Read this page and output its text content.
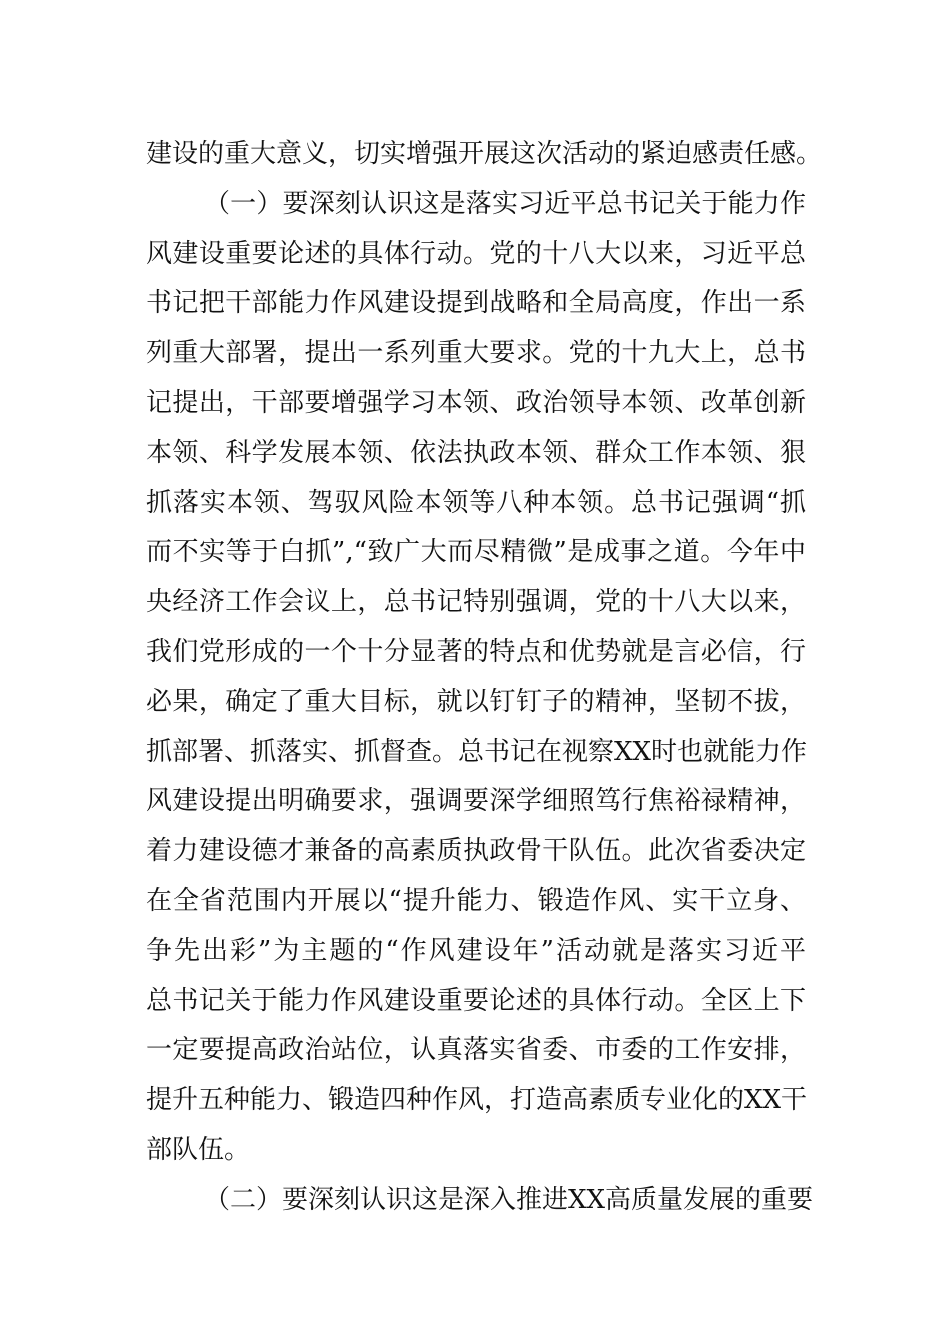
建设的重大意义，切实增强开展这次活动的紧迫感责任感。
（一）要深刻认识这是落实习近平总书记关于能力作
风建设重要论述的具体行动。党的十八大以来，习近平总
书记把干部能力作风建设提到战略和全局高度，作出一系
列重大部署，提出一系列重大要求。党的十九大上，总书
记提出，干部要增强学习本领、政治领导本领、改革创新
本领、科学发展本领、依法执政本领、群众工作本领、狠
抓落实本领、驾驭风险本领等八种本领。总书记强调“抓
而不实等于白抓”,“致广大而尽精微”是成事之道。今年中
央经济工作会议上，总书记特别强调，党的十八大以来，
我们党形成的一个十分显著的特点和优势就是言必信，行
必果，确定了重大目标，就以钉钉子的精神，坚韧不拔，
抓部署、抓落实、抓督查。总书记在视察XX时也就能力作
风建设提出明确要求，强调要深学细照笃行焦裕禄精神，
着力建设德才兼备的高素质执政骨干队伍。此次省委决定
在全省范围内开展以“提升能力、锻造作风、实干立身、
争先出彩”为主题的“作风建设年”活动就是落实习近平
总书记关于能力作风建设重要论述的具体行动。全区上下
一定要提高政治站位，认真落实省委、市委的工作安排，
提升五种能力、锻造四种作风，打造高素质专业化的XX干
部队伍。
（二）要深刻认识这是深入推进XX高质量发展的重要
